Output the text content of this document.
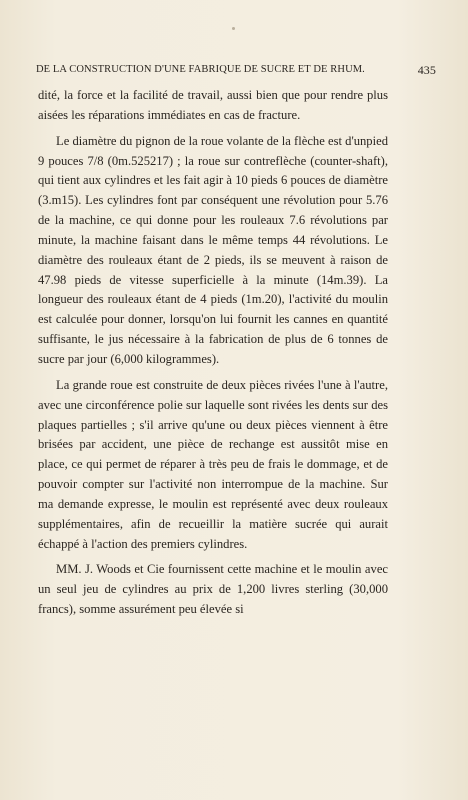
DE LA CONSTRUCTION D'UNE FABRIQUE DE SUCRE ET DE RHUM.	435

dité, la force et la facilité de travail, aussi bien que pour rendre plus aisées les réparations immédiates en cas de fracture.

Le diamètre du pignon de la roue volante de la flèche est d'unpied 9 pouces 7/8 (0m.525217) ; la roue sur contreflèche (counter-shaft), qui tient aux cylindres et les fait agir à 10 pieds 6 pouces de diamètre (3.m15). Les cylindres font par conséquent une révolution pour 5.76 de la machine, ce qui donne pour les rouleaux 7.6 révolutions par minute, la machine faisant dans le même temps 44 révolutions. Le diamètre des rouleaux étant de 2 pieds, ils se meuvent à raison de 47.98 pieds de vitesse superficielle à la minute (14m.39). La longueur des rouleaux étant de 4 pieds (1m.20), l'activité du moulin est calculée pour donner, lorsqu'on lui fournit les cannes en quantité suffisante, le jus nécessaire à la fabrication de plus de 6 tonnes de sucre par jour (6,000 kilogrammes).

La grande roue est construite de deux pièces rivées l'une à l'autre, avec une circonférence polie sur laquelle sont rivées les dents sur des plaques partielles ; s'il arrive qu'une ou deux pièces viennent à être brisées par accident, une pièce de rechange est aussitôt mise en place, ce qui permet de réparer à très peu de frais le dommage, et de pouvoir compter sur l'activité non interrompue de la machine. Sur ma demande expresse, le moulin est représenté avec deux rouleaux supplémentaires, afin de recueillir la matière sucrée qui aurait échappé à l'action des premiers cylindres.

MM. J. Woods et Cie fournissent cette machine et le moulin avec un seul jeu de cylindres au prix de 1,200 livres sterling (30,000 francs), somme assurément peu élevée si
